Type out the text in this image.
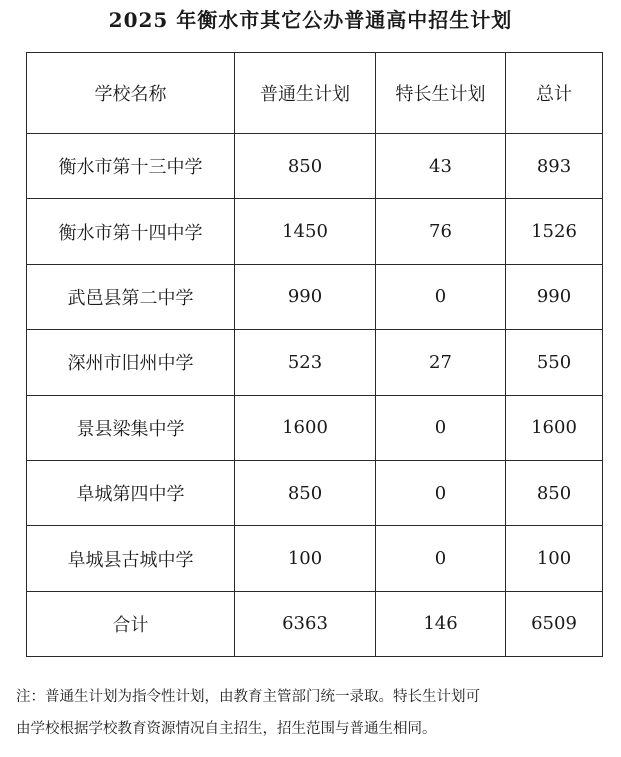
2025 年衡水市其它公办普通高中招生计划
学校名称	普通生计划	特长生计划	总计
衡水市第十三中学	850	43	893
衡水市第十四中学	1450	76	1526
武邑县第二中学	990	0	990
深州市旧州中学	523	27	550
景县梁集中学	1600	0	1600
阜城第四中学	850	0	850
阜城县古城中学	100	0	100
合计	6363	146	6509
注：普通生计划为指令性计划，由教育主管部门统一录取。特长生计划可
由学校根据学校教育资源情况自主招生，招生范围与普通生相同。
